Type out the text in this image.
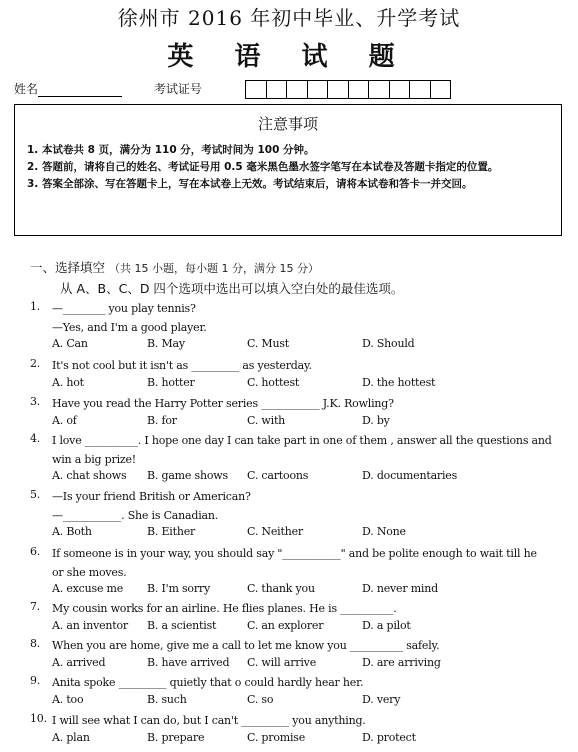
徐州市 2016 年初中毕业、升学考试
英 语 试 题
姓名	考试证号
注意事项
1. 本试卷共 8 页，满分为 110 分，考试时间为 100 分钟。
2. 答题前，请将自己的姓名、考试证号用 0.5 毫米黑色墨水签字笔写在本试卷及答题卡指定的位置。
3. 答案全部涂、写在答题卡上，写在本试卷上无效。考试结束后，请将本试卷和答卡一并交回。
一、选择填空 （共 15 小题，每小题 1 分，满分 15 分）
从 A、B、C、D 四个选项中选出可以填入空白处的最佳选项。
1. —________ you play tennis?
—Yes, and I'm a good player.
A. Can	B. May	C. Must	D. Should
2. It's not cool but it isn't as _________ as yesterday.
A. hot	B. hotter	C. hottest	D. the hottest
3. Have you read the Harry Potter series ___________ J.K. Rowling?
A. of	B. for	C. with	D. by
4. I love __________. I hope one day I can take part in one of them , answer all the questions and
win a big prize!
A. chat shows B. game shows C. cartoons	D. documentaries
5. —Is your friend British or American?
—___________. She is Canadian.
A. Both	B. Either	C. Neither	D. None
6. If someone is in your way, you should say "___________" and be polite enough to wait till he
or she moves.
A. excuse me B. I'm sorry	C. thank you	D. never mind
7. My cousin works for an airline. He flies planes. He is __________.
A. an inventor B. a scientist	C. an explorer	D. a pilot
8. When you are home, give me a call to let me know you __________ safely.
A. arrived	B. have arrived C. will arrive	D. are arriving
9. Anita spoke _________ quietly that o could hardly hear her.
A. too	B. such	C. so	D. very
10. I will see what I can do, but I can't _________ you anything.
A. plan	B. prepare	C. promise	D. protect
